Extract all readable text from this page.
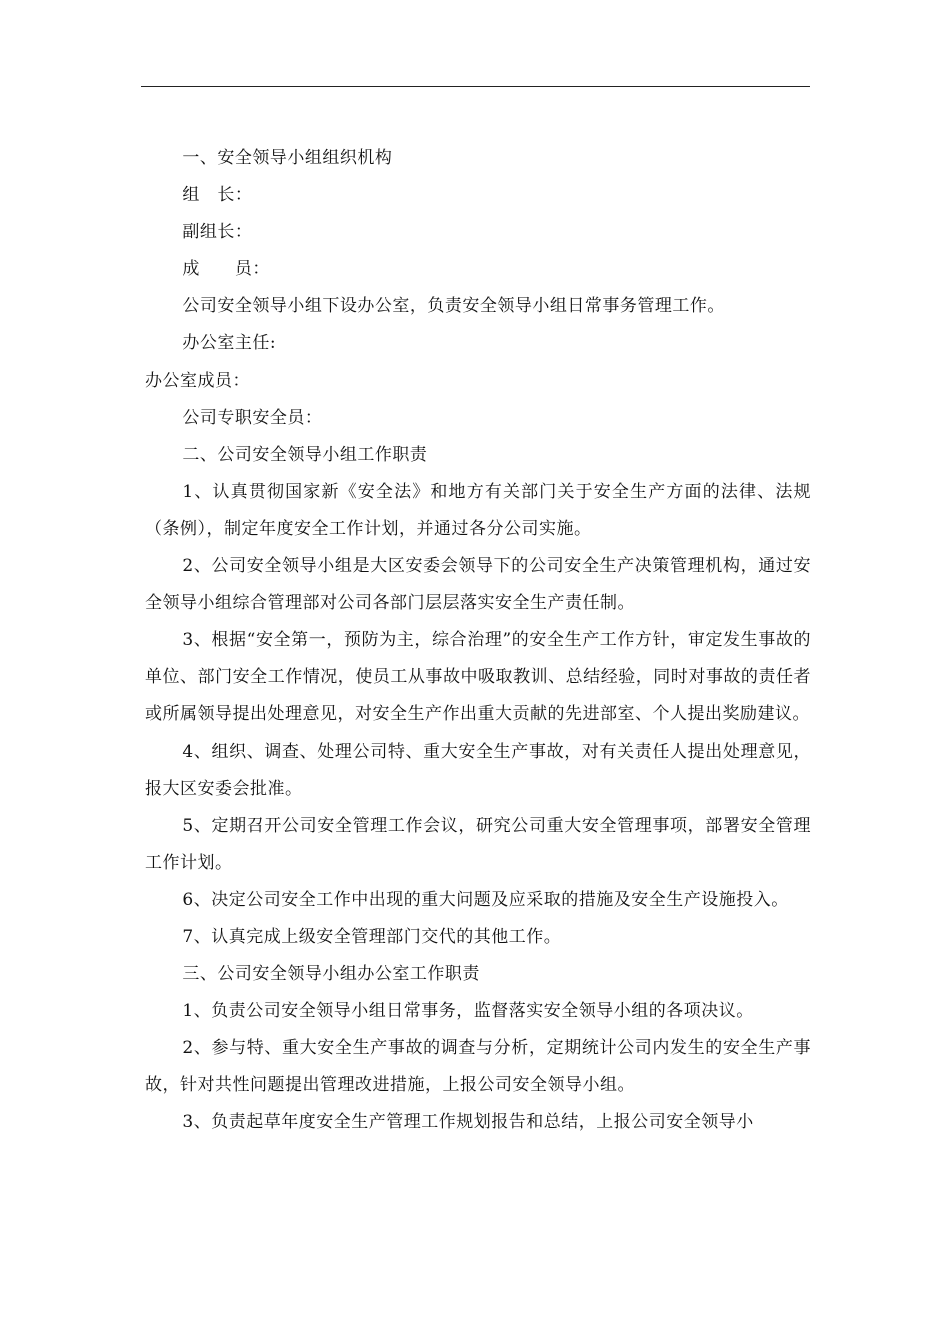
一、安全领导小组组织机构

组　长：

副组长：

成　　员：

公司安全领导小组下设办公室，负责安全领导小组日常事务管理工作。

办公室主任:

办公室成员：

公司专职安全员：

二、公司安全领导小组工作职责

1、认真贯彻国家新《安全法》和地方有关部门关于安全生产方面的法律、法规（条例），制定年度安全工作计划，并通过各分公司实施。

2、公司安全领导小组是大区安委会领导下的公司安全生产决策管理机构，通过安全领导小组综合管理部对公司各部门层层落实安全生产责任制。

3、根据“安全第一，预防为主，综合治理”的安全生产工作方针，审定发生事故的单位、部门安全工作情况，使员工从事故中吸取教训、总结经验，同时对事故的责任者或所属领导提出处理意见，对安全生产作出重大贡献的先进部室、个人提出奖励建议。

4、组织、调查、处理公司特、重大安全生产事故，对有关责任人提出处理意见，报大区安委会批准。

5、定期召开公司安全管理工作会议，研究公司重大安全管理事项，部署安全管理工作计划。

6、决定公司安全工作中出现的重大问题及应采取的措施及安全生产设施投入。

7、认真完成上级安全管理部门交代的其他工作。

三、公司安全领导小组办公室工作职责

1、负责公司安全领导小组日常事务，监督落实安全领导小组的各项决议。

2、参与特、重大安全生产事故的调查与分析，定期统计公司内发生的安全生产事故，针对共性问题提出管理改进措施，上报公司安全领导小组。

3、负责起草年度安全生产管理工作规划报告和总结，上报公司安全领导小
